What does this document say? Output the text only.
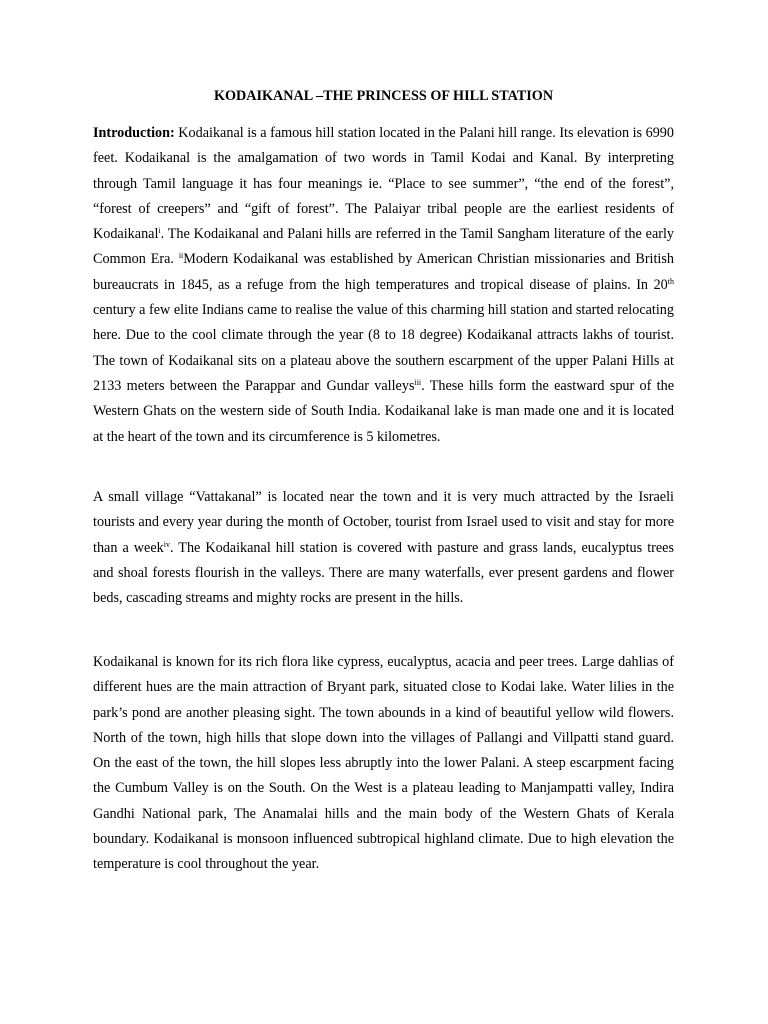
KODAIKANAL –THE PRINCESS OF HILL STATION

Introduction: Kodaikanal is a famous hill station located in the Palani hill range. Its elevation is 6990 feet. Kodaikanal is the amalgamation of two words in Tamil Kodai and Kanal. By interpreting through Tamil language it has four meanings ie. “Place to see summer”, “the end of the forest”, “forest of creepers” and “gift of forest”. The Palaiyar tribal people are the earliest residents of Kodaikanal$^i$. The Kodaikanal and Palani hills are referred in the Tamil Sangham literature of the early Common Era. $^{ii}$Modern Kodaikanal was established by American Christian missionaries and British bureaucrats in 1845, as a refuge from the high temperatures and tropical disease of plains. In 20th century a few elite Indians came to realise the value of this charming hill station and started relocating here. Due to the cool climate through the year (8 to 18 degree) Kodaikanal attracts lakhs of tourist. The town of Kodaikanal sits on a plateau above the southern escarpment of the upper Palani Hills at 2133 meters between the Parappar and Gundar valleys$^{iii}$. These hills form the eastward spur of the Western Ghats on the western side of South India. Kodaikanal lake is man made one and it is located at the heart of the town and its circumference is 5 kilometres.

A small village “Vattakanal” is located near the town and it is very much attracted by the Israeli tourists and every year during the month of October, tourist from Israel used to visit and stay for more than a week$^{iv}$. The Kodaikanal hill station is covered with pasture and grass lands, eucalyptus trees and shoal forests flourish in the valleys. There are many waterfalls, ever present gardens and flower beds, cascading streams and mighty rocks are present in the hills.

Kodaikanal is known for its rich flora like cypress, eucalyptus, acacia and peer trees. Large dahlias of different hues are the main attraction of Bryant park, situated close to Kodai lake. Water lilies in the park’s pond are another pleasing sight. The town abounds in a kind of beautiful yellow wild flowers. North of the town, high hills that slope down into the villages of Pallangi and Villpatti stand guard. On the east of the town, the hill slopes less abruptly into the lower Palani. A steep escarpment facing the Cumbum Valley is on the South. On the West is a plateau leading to Manjampatti valley, Indira Gandhi National park, The Anamalai hills and the main body of the Western Ghats of Kerala boundary. Kodaikanal is monsoon influenced subtropical highland climate. Due to high elevation the temperature is cool throughout the year.
